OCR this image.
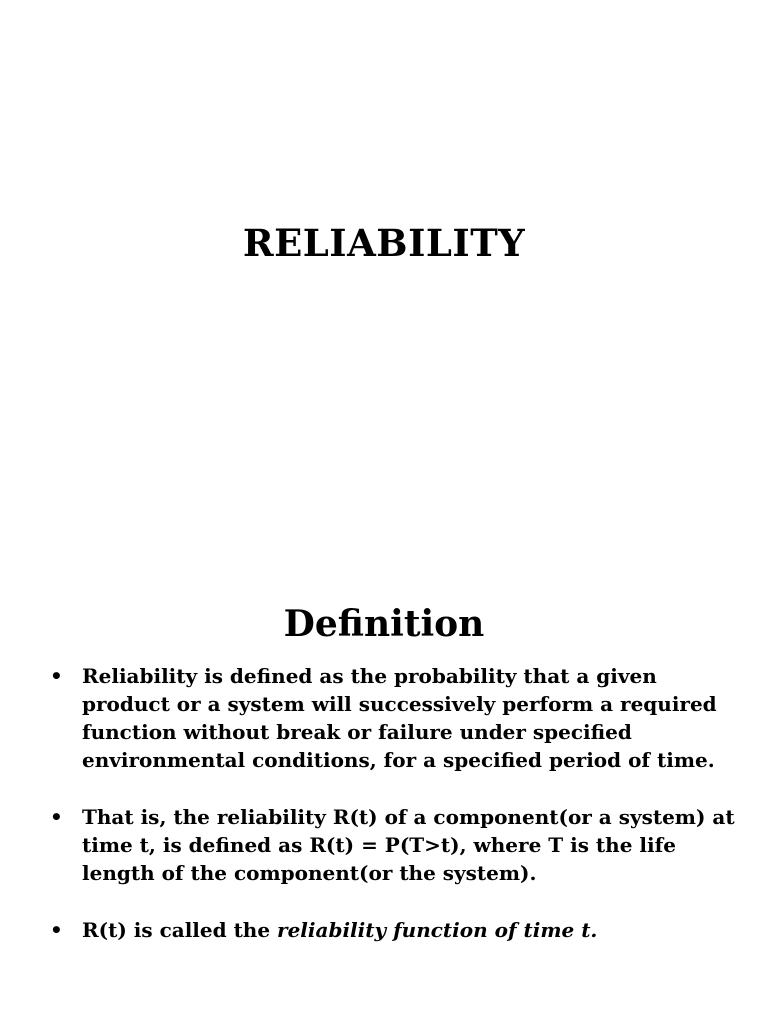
RELIABILITY
Definition
• Reliability is defined as the probability that a given product or a system will successively perform a required function without break or failure under specified environmental conditions, for a specified period of time.
• That is, the reliability R(t) of a component(or a system) at time t, is defined as R(t) = P(T>t), where T is the life length of the component(or the system).
• R(t) is called the reliability function of time t.
